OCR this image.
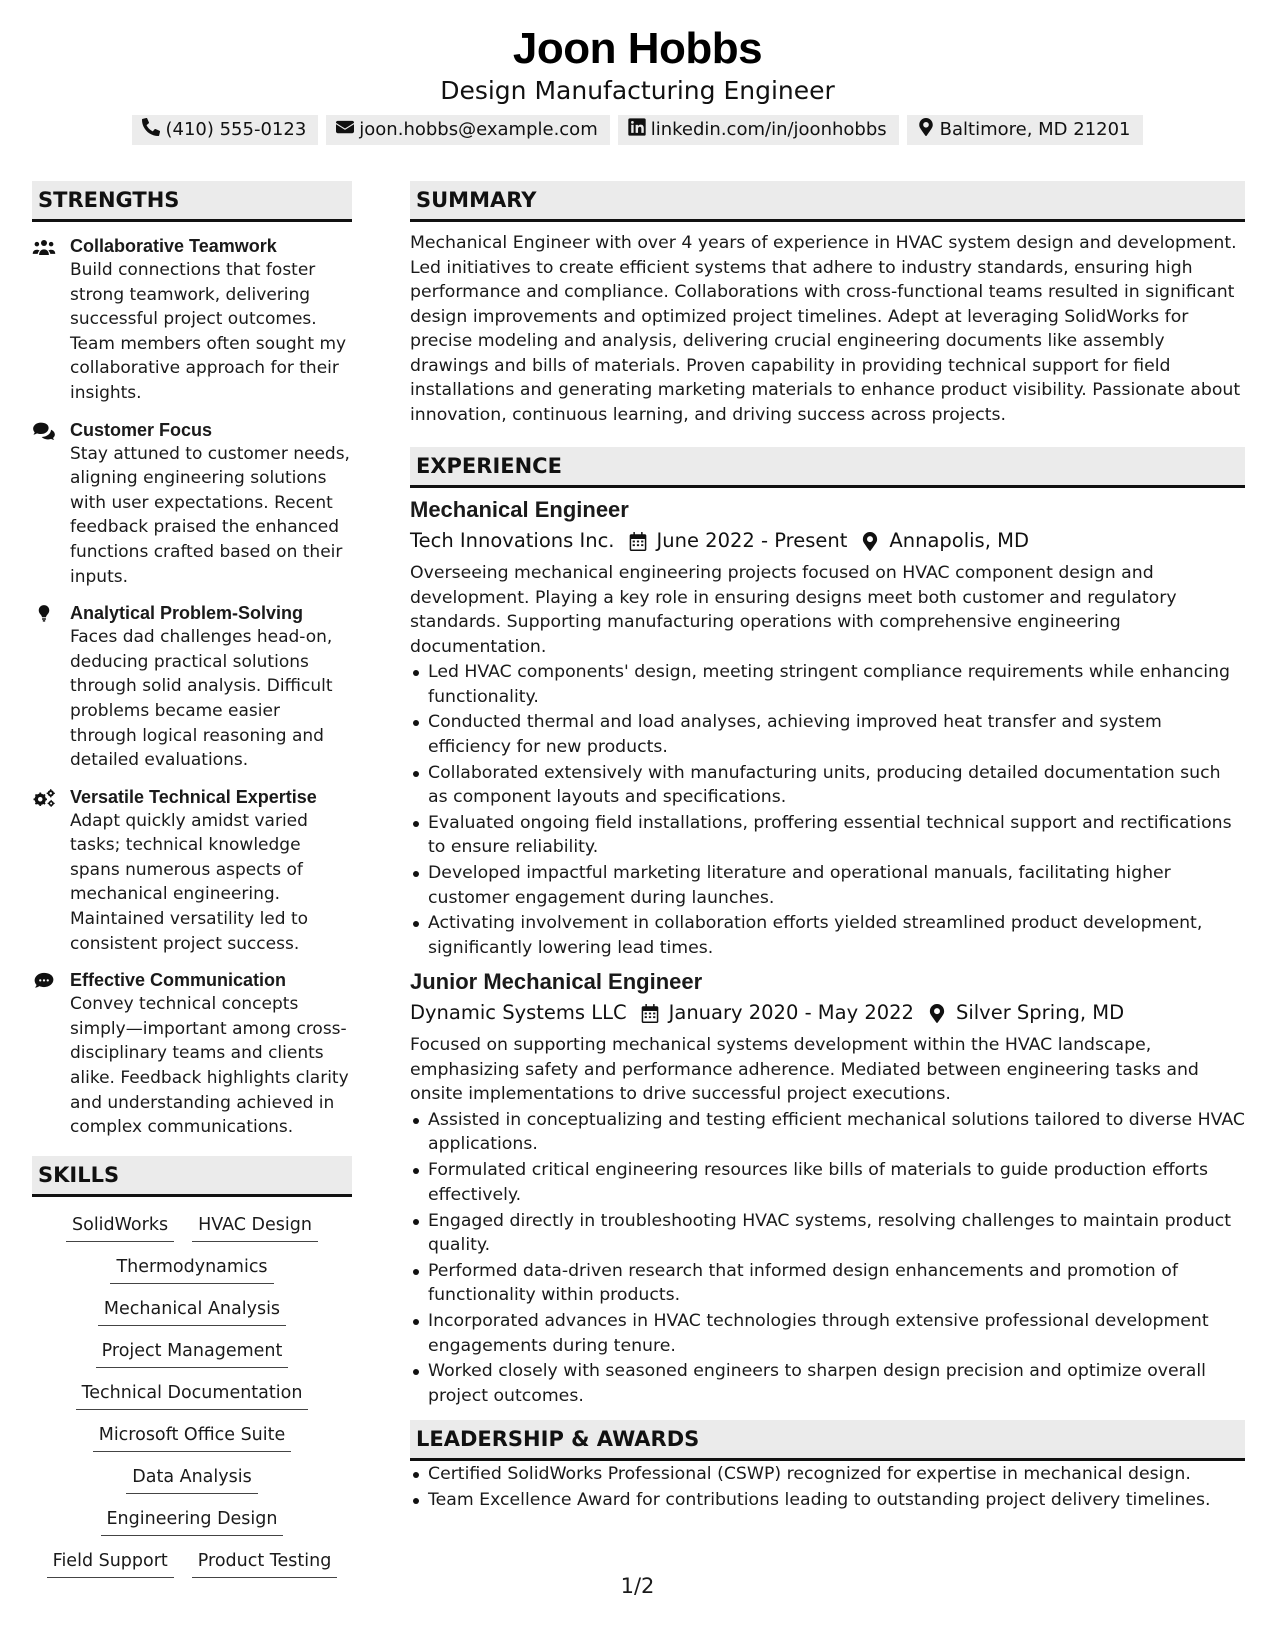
Joon Hobbs
Design Manufacturing Engineer
(410) 555-0123	joon.hobbs@example.com	linkedin.com/in/joonhobbs	Baltimore, MD 21201
STRENGTHS
Collaborative Teamwork
Build connections that foster strong teamwork, delivering successful project outcomes. Team members often sought my collaborative approach for their insights.
Customer Focus
Stay attuned to customer needs, aligning engineering solutions with user expectations. Recent feedback praised the enhanced functions crafted based on their inputs.
Analytical Problem-Solving
Faces dad challenges head-on, deducing practical solutions through solid analysis. Difficult problems became easier through logical reasoning and detailed evaluations.
Versatile Technical Expertise
Adapt quickly amidst varied tasks; technical knowledge spans numerous aspects of mechanical engineering. Maintained versatility led to consistent project success.
Effective Communication
Convey technical concepts simply—important among cross-disciplinary teams and clients alike. Feedback highlights clarity and understanding achieved in complex communications.
SKILLS
SolidWorks	HVAC Design
Thermodynamics
Mechanical Analysis
Project Management
Technical Documentation
Microsoft Office Suite
Data Analysis
Engineering Design
Field Support	Product Testing
SUMMARY

Mechanical Engineer with over 4 years of experience in HVAC system design and development. Led initiatives to create efficient systems that adhere to industry standards, ensuring high performance and compliance. Collaborations with cross-functional teams resulted in significant design improvements and optimized project timelines. Adept at leveraging SolidWorks for precise modeling and analysis, delivering crucial engineering documents like assembly drawings and bills of materials. Proven capability in providing technical support for field installations and generating marketing materials to enhance product visibility. Passionate about innovation, continuous learning, and driving success across projects.

EXPERIENCE
Mechanical Engineer
Tech Innovations Inc. June 2022 - Present Annapolis, MD

Overseeing mechanical engineering projects focused on HVAC component design and development. Playing a key role in ensuring designs meet both customer and regulatory standards. Supporting manufacturing operations with comprehensive engineering documentation.

Led HVAC components' design, meeting stringent compliance requirements while enhancing functionality.
Conducted thermal and load analyses, achieving improved heat transfer and system efficiency for new products.
Collaborated extensively with manufacturing units, producing detailed documentation such as component layouts and specifications.
Evaluated ongoing field installations, proffering essential technical support and rectifications to ensure reliability.
Developed impactful marketing literature and operational manuals, facilitating higher customer engagement during launches.
Activating involvement in collaboration efforts yielded streamlined product development, significantly lowering lead times.
Junior Mechanical Engineer
Dynamic Systems LLC January 2020 - May 2022 Silver Spring, MD

Focused on supporting mechanical systems development within the HVAC landscape, emphasizing safety and performance adherence. Mediated between engineering tasks and onsite implementations to drive successful project executions.

Assisted in conceptualizing and testing efficient mechanical solutions tailored to diverse HVAC applications.
Formulated critical engineering resources like bills of materials to guide production efforts effectively.
Engaged directly in troubleshooting HVAC systems, resolving challenges to maintain product quality.
Performed data-driven research that informed design enhancements and promotion of functionality within products.
Incorporated advances in HVAC technologies through extensive professional development engagements during tenure.
Worked closely with seasoned engineers to sharpen design precision and optimize overall project outcomes.
LEADERSHIP & AWARDS
Certified SolidWorks Professional (CSWP) recognized for expertise in mechanical design.
Team Excellence Award for contributions leading to outstanding project delivery timelines.
1/2
